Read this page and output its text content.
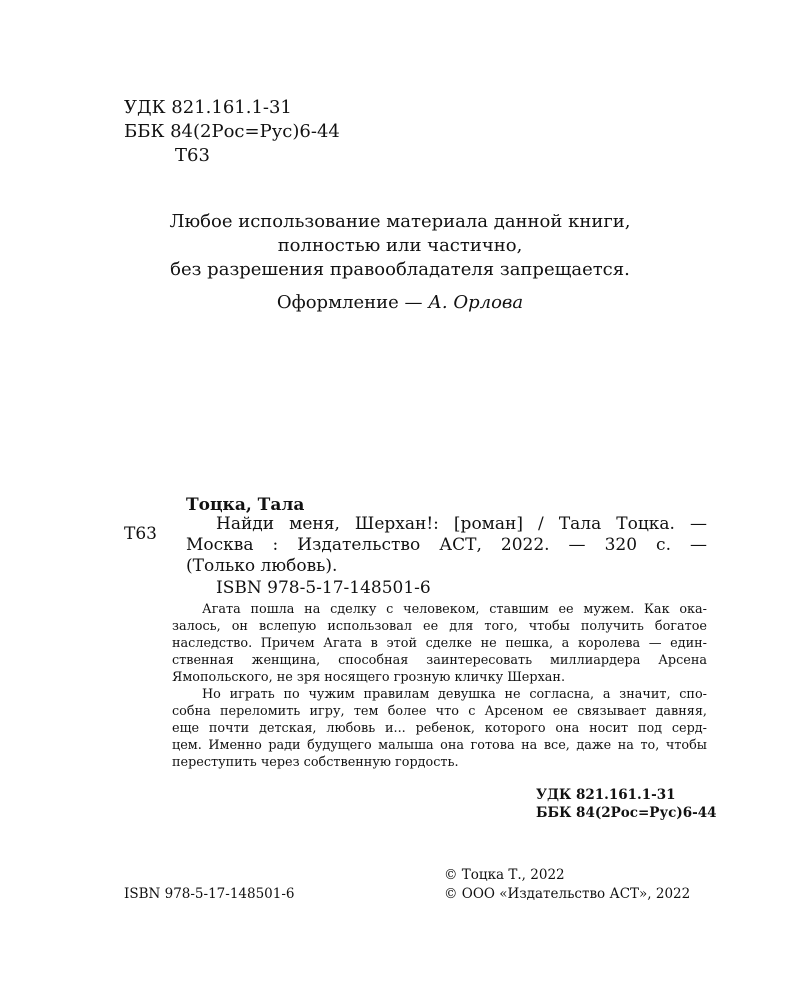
УДК 821.161.1-31
ББК 84(2Рос=Рус)6-44
Т63
Любое использование материала данной книги,
полностью или частично,
без разрешения правообладателя запрещается.
Оформление — А. Орлова
Т63
Тоцка, Тала
Найди меня, Шерхан!: [роман] / Тала Тоцка. —
Москва : Издательство АСТ, 2022. — 320 с. —
(Только любовь).
ISBN 978-5-17-148501-6
Агата пошла на сделку с человеком, ставшим ее мужем. Как ока-
залось, он вслепую использовал ее для того, чтобы получить богатое
наследство. Причем Агата в этой сделке не пешка, а королева — един-
ственная женщина, способная заинтересовать миллиардера Арсена
Ямопольского, не зря носящего грозную кличку Шерхан.
Но играть по чужим правилам девушка не согласна, а значит, спо-
собна переломить игру, тем более что с Арсеном ее связывает давняя,
еще почти детская, любовь и... ребенок, которого она носит под серд-
цем. Именно ради будущего малыша она готова на все, даже на то, чтобы
переступить через собственную гордость.
УДК 821.161.1-31
ББК 84(2Рос=Рус)6-44
ISBN 978-5-17-148501-6
© Тоцка Т., 2022
© ООО «Издательство АСТ», 2022
